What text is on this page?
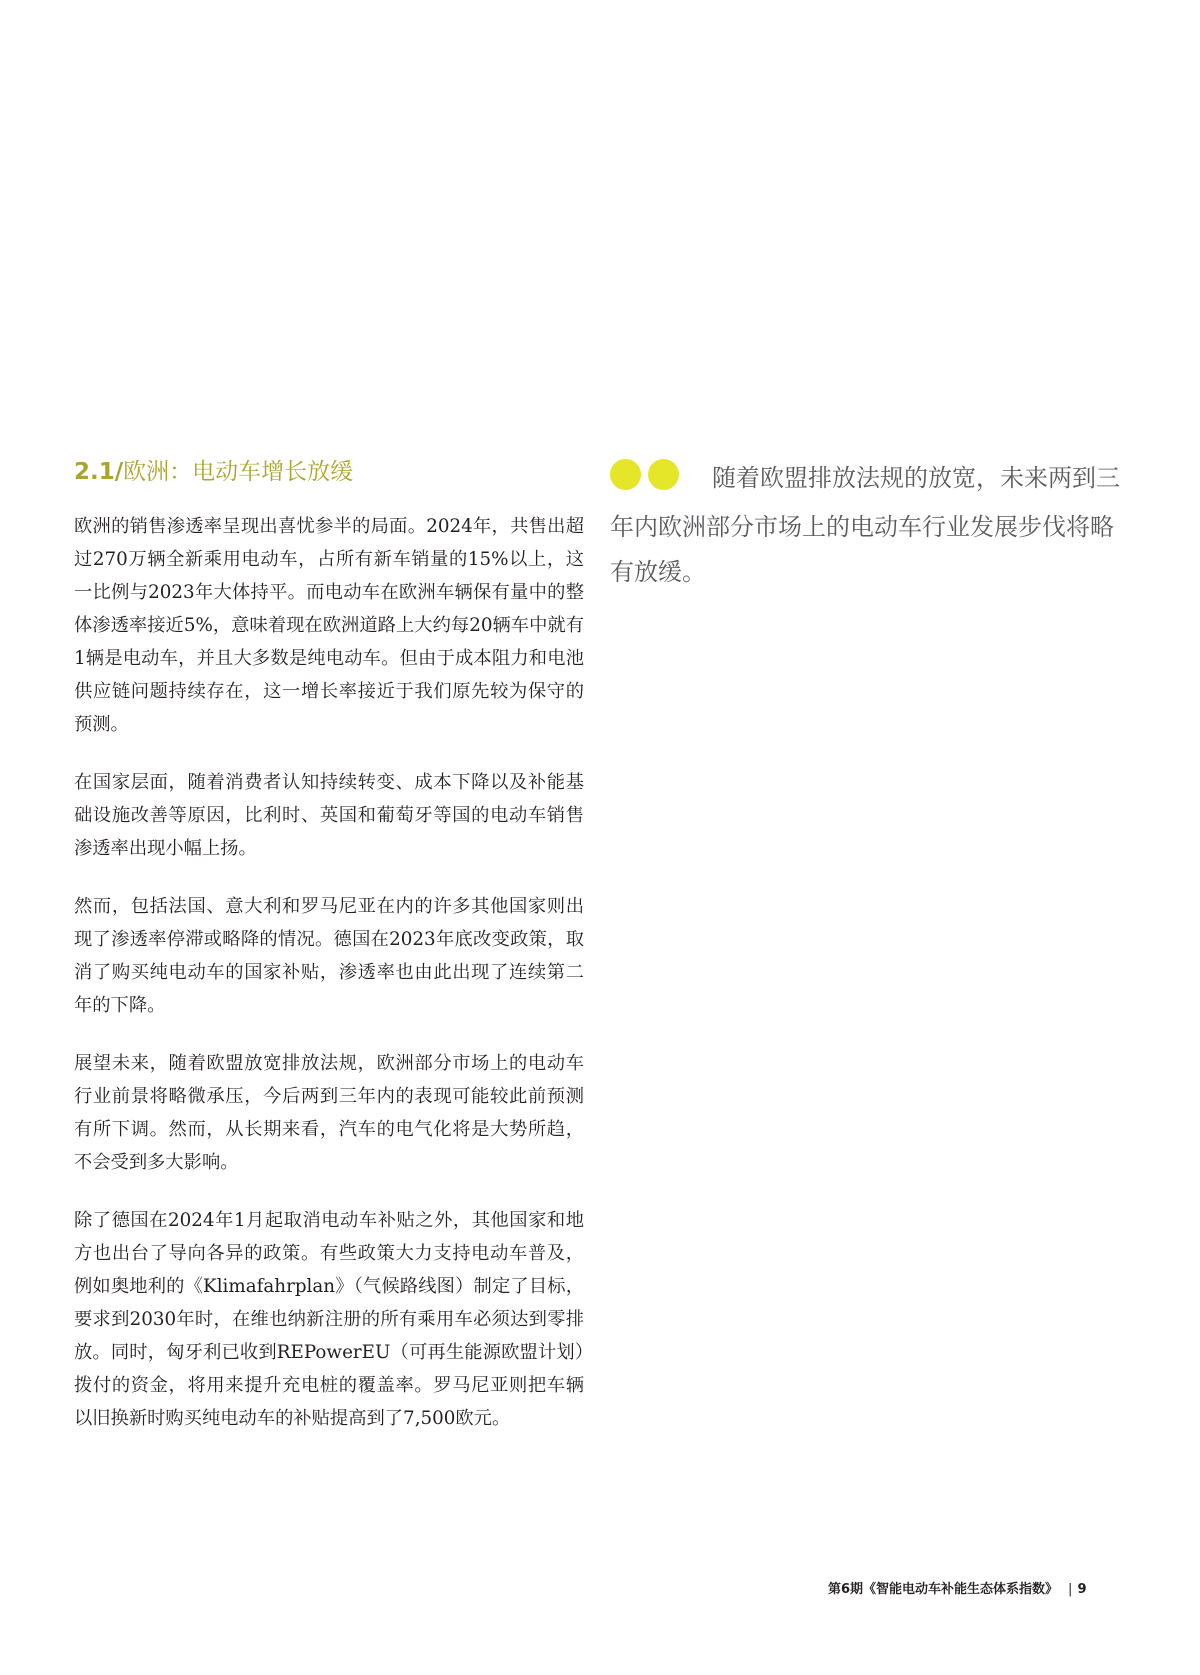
2.1/欧洲：电动车增长放缓

欧洲的销售渗透率呈现出喜忧参半的局面。2024年，共售出超过270万辆全新乘用电动车，占所有新车销量的15%以上，这一比例与2023年大体持平。而电动车在欧洲车辆保有量中的整体渗透率接近5%，意味着现在欧洲道路上大约每20辆车中就有1辆是电动车，并且大多数是纯电动车。但由于成本阻力和电池供应链问题持续存在，这一增长率接近于我们原先较为保守的预测。

在国家层面，随着消费者认知持续转变、成本下降以及补能基础设施改善等原因，比利时、英国和葡萄牙等国的电动车销售渗透率出现小幅上扬。

然而，包括法国、意大利和罗马尼亚在内的许多其他国家则出现了渗透率停滞或略降的情况。德国在2023年底改变政策，取消了购买纯电动车的国家补贴，渗透率也由此出现了连续第二年的下降。

展望未来，随着欧盟放宽排放法规，欧洲部分市场上的电动车行业前景将略微承压，今后两到三年内的表现可能较此前预测有所下调。然而，从长期来看，汽车的电气化将是大势所趋，不会受到多大影响。

除了德国在2024年1月起取消电动车补贴之外，其他国家和地方也出台了导向各异的政策。有些政策大力支持电动车普及，例如奥地利的《Klimafahrplan》（气候路线图）制定了目标，要求到2030年时，在维也纳新注册的所有乘用车必须达到零排放。同时，匈牙利已收到REPowerEU（可再生能源欧盟计划）拨付的资金，将用来提升充电桩的覆盖率。罗马尼亚则把车辆以旧换新时购买纯电动车的补贴提高到了7,500欧元。

随着欧盟排放法规的放宽，未来两到三年内欧洲部分市场上的电动车行业发展步伐将略有放缓。
第6期《智能电动车补能生态体系指数》 | 9
